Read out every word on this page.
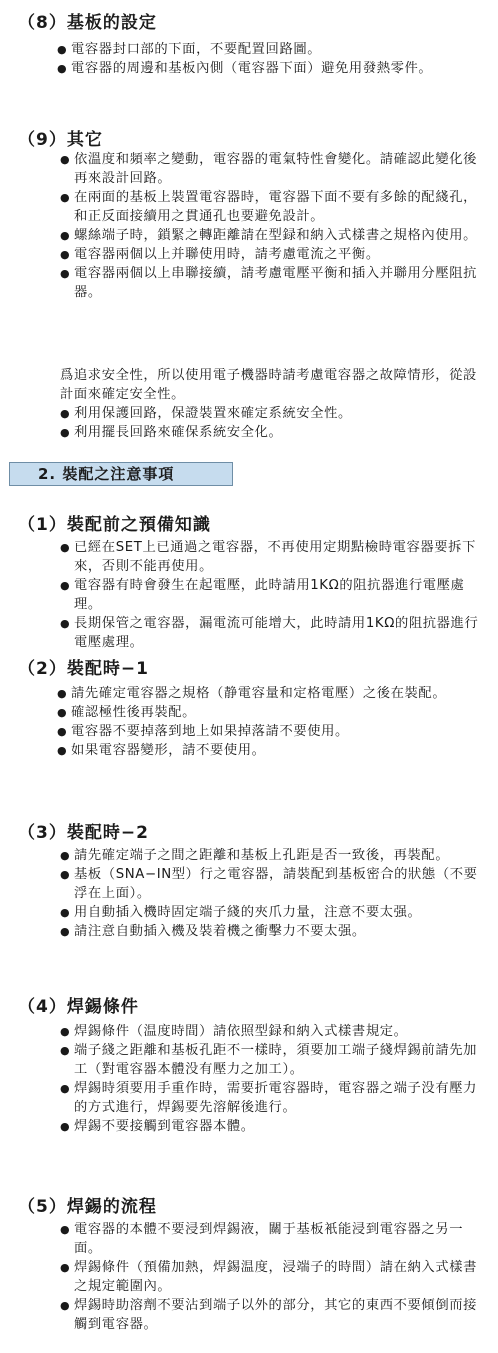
（8）基板的設定
● 電容器封口部的下面，不要配置回路圖。
● 電容器的周邊和基板內側（電容器下面）避免用發熱零件。
（9）其它
● 依溫度和頻率之變動，電容器的電氣特性會變化。請確認此變化後再來設計回路。
● 在兩面的基板上裝置電容器時，電容器下面不要有多餘的配綫孔，和正反面接續用之貫通孔也要避免設計。
● 螺絲端子時，鎖緊之轉距離請在型録和納入式樣書之規格內使用。
● 電容器兩個以上并聯使用時，請考慮電流之平衡。
● 電容器兩個以上串聯接續，請考慮電壓平衡和插入并聯用分壓阻抗器。

爲追求安全性，所以使用電子機器時請考慮電容器之故障情形，從設計面來確定安全性。

● 利用保護回路，保證裝置來確定系統安全性。
● 利用擺長回路來確保系統安全化。
2. 裝配之注意事項
（1）裝配前之預備知識
● 已經在SET上已通過之電容器，不再使用定期點檢時電容器要拆下來，否則不能再使用。
● 電容器有時會發生在起電壓，此時請用1KΩ的阻抗器進行電壓處理。
● 長期保管之電容器，漏電流可能增大，此時請用1KΩ的阻抗器進行電壓處理。
（2）裝配時−1
● 請先確定電容器之規格（静電容量和定格電壓）之後在裝配。
● 確認極性後再裝配。
● 電容器不要掉落到地上如果掉落請不要使用。
● 如果電容器變形，請不要使用。
（3）裝配時−2
● 請先確定端子之間之距離和基板上孔距是否一致後，再裝配。
● 基板（SNA−IN型）行之電容器，請裝配到基板密合的狀態（不要浮在上面）。
● 用自動插入機時固定端子綫的夾爪力量，注意不要太强。
● 請注意自動插入機及裝着機之衝擊力不要太强。
（4）焊錫條件
● 焊錫條件（温度時間）請依照型録和納入式樣書規定。
● 端子綫之距離和基板孔距不一樣時，須要加工端子綫焊錫前請先加工（對電容器本體没有壓力之加工）。
● 焊錫時須要用手重作時，需要折電容器時，電容器之端子没有壓力的方式進行，焊錫要先溶解後進行。
● 焊錫不要接觸到電容器本體。
（5）焊錫的流程
● 電容器的本體不要浸到焊錫液，關于基板衹能浸到電容器之另一面。
● 焊錫條件（預備加熱，焊錫温度，浸端子的時間）請在納入式樣書之規定範圍內。
● 焊錫時助溶劑不要沾到端子以外的部分，其它的東西不要傾倒而接觸到電容器。
